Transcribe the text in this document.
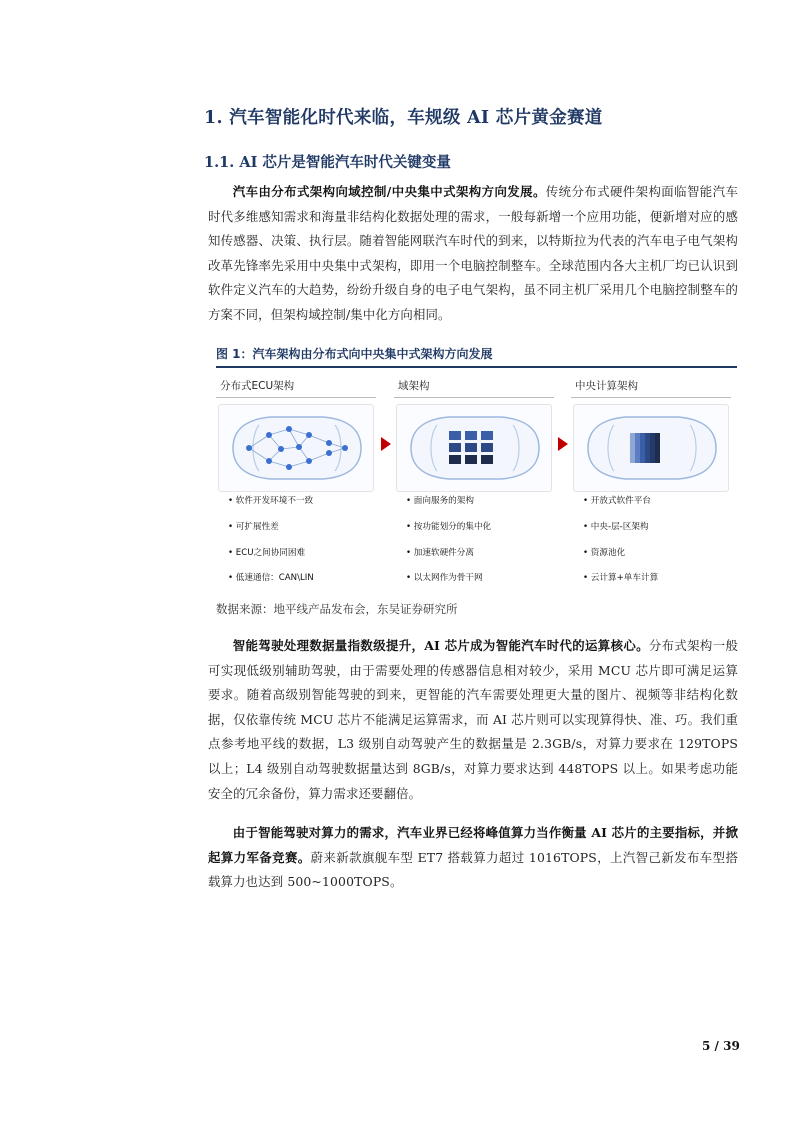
1. 汽车智能化时代来临，车规级 AI 芯片黄金赛道
1.1. AI 芯片是智能汽车时代关键变量
汽车由分布式架构向域控制/中央集中式架构方向发展。传统分布式硬件架构面临智能汽车时代多维感知需求和海量非结构化数据处理的需求，一般每新增一个应用功能，便新增对应的感知传感器、决策、执行层。随着智能网联汽车时代的到来，以特斯拉为代表的汽车电子电气架构改革先锋率先采用中央集中式架构，即用一个电脑控制整车。全球范围内各大主机厂均已认识到软件定义汽车的大趋势，纷纷升级自身的电子电气架构，虽不同主机厂采用几个电脑控制整车的方案不同，但架构域控制/集中化方向相同。
图 1：汽车架构由分布式向中央集中式架构方向发展
分布式ECU架构
• 软件开发环境不一致
• 可扩展性差
• ECU之间协同困难
• 低速通信：CAN\LIN
域架构
• 面向服务的架构
• 按功能划分的集中化
• 加速软硬件分离
• 以太网作为骨干网
中央计算架构
• 开放式软件平台
• 中央-层-区架构
• 资源池化
• 云计算+单车计算
数据来源：地平线产品发布会，东吴证券研究所
智能驾驶处理数据量指数级提升，AI 芯片成为智能汽车时代的运算核心。分布式架构一般可实现低级别辅助驾驶，由于需要处理的传感器信息相对较少，采用 MCU 芯片即可满足运算要求。随着高级别智能驾驶的到来，更智能的汽车需要处理更大量的图片、视频等非结构化数据，仅依靠传统 MCU 芯片不能满足运算需求，而 AI 芯片则可以实现算得快、准、巧。我们重点参考地平线的数据，L3 级别自动驾驶产生的数据量是 2.3GB/s，对算力要求在 129TOPS 以上；L4 级别自动驾驶数据量达到 8GB/s，对算力要求达到 448TOPS 以上。如果考虑功能安全的冗余备份，算力需求还要翻倍。
由于智能驾驶对算力的需求，汽车业界已经将峰值算力当作衡量 AI 芯片的主要指标，并掀起算力军备竞赛。蔚来新款旗舰车型 ET7 搭载算力超过 1016TOPS，上汽智己新发布车型搭载算力也达到 500~1000TOPS。
5 / 39
